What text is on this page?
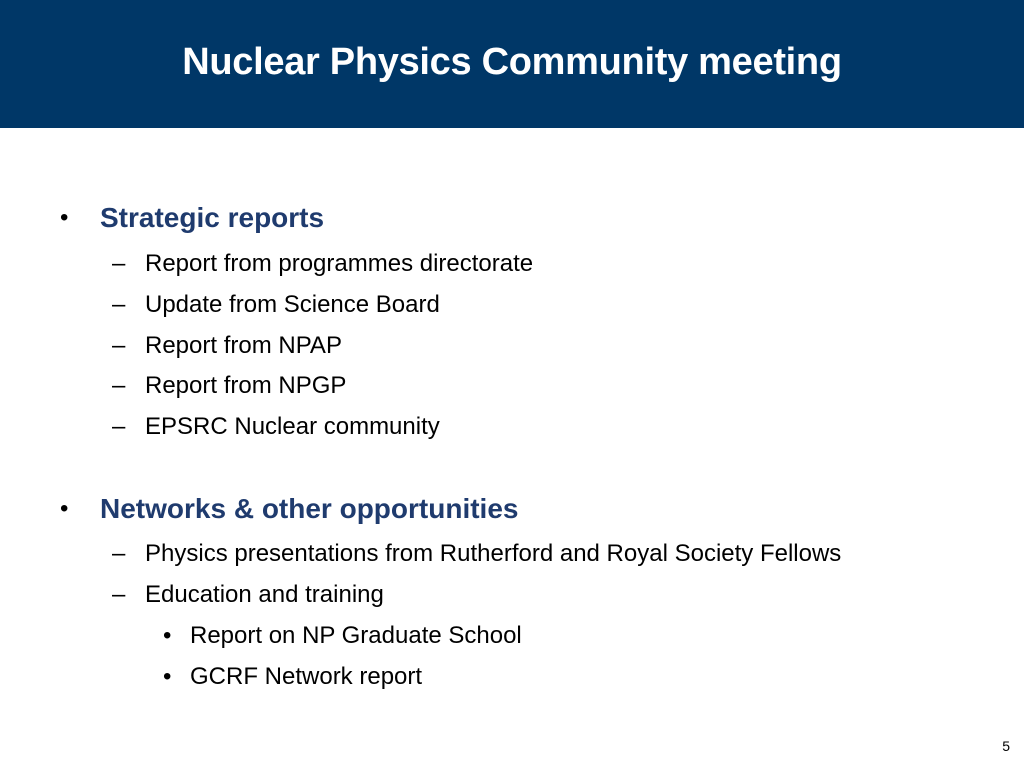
Nuclear Physics Community meeting
•	Strategic reports
– Report from programmes directorate
– Update from Science Board
– Report from NPAP
– Report from NPGP
– EPSRC Nuclear community
•	Networks & other opportunities
– Physics presentations from Rutherford and Royal Society Fellows
– Education and training
• Report on NP Graduate School
• GCRF Network report
5
